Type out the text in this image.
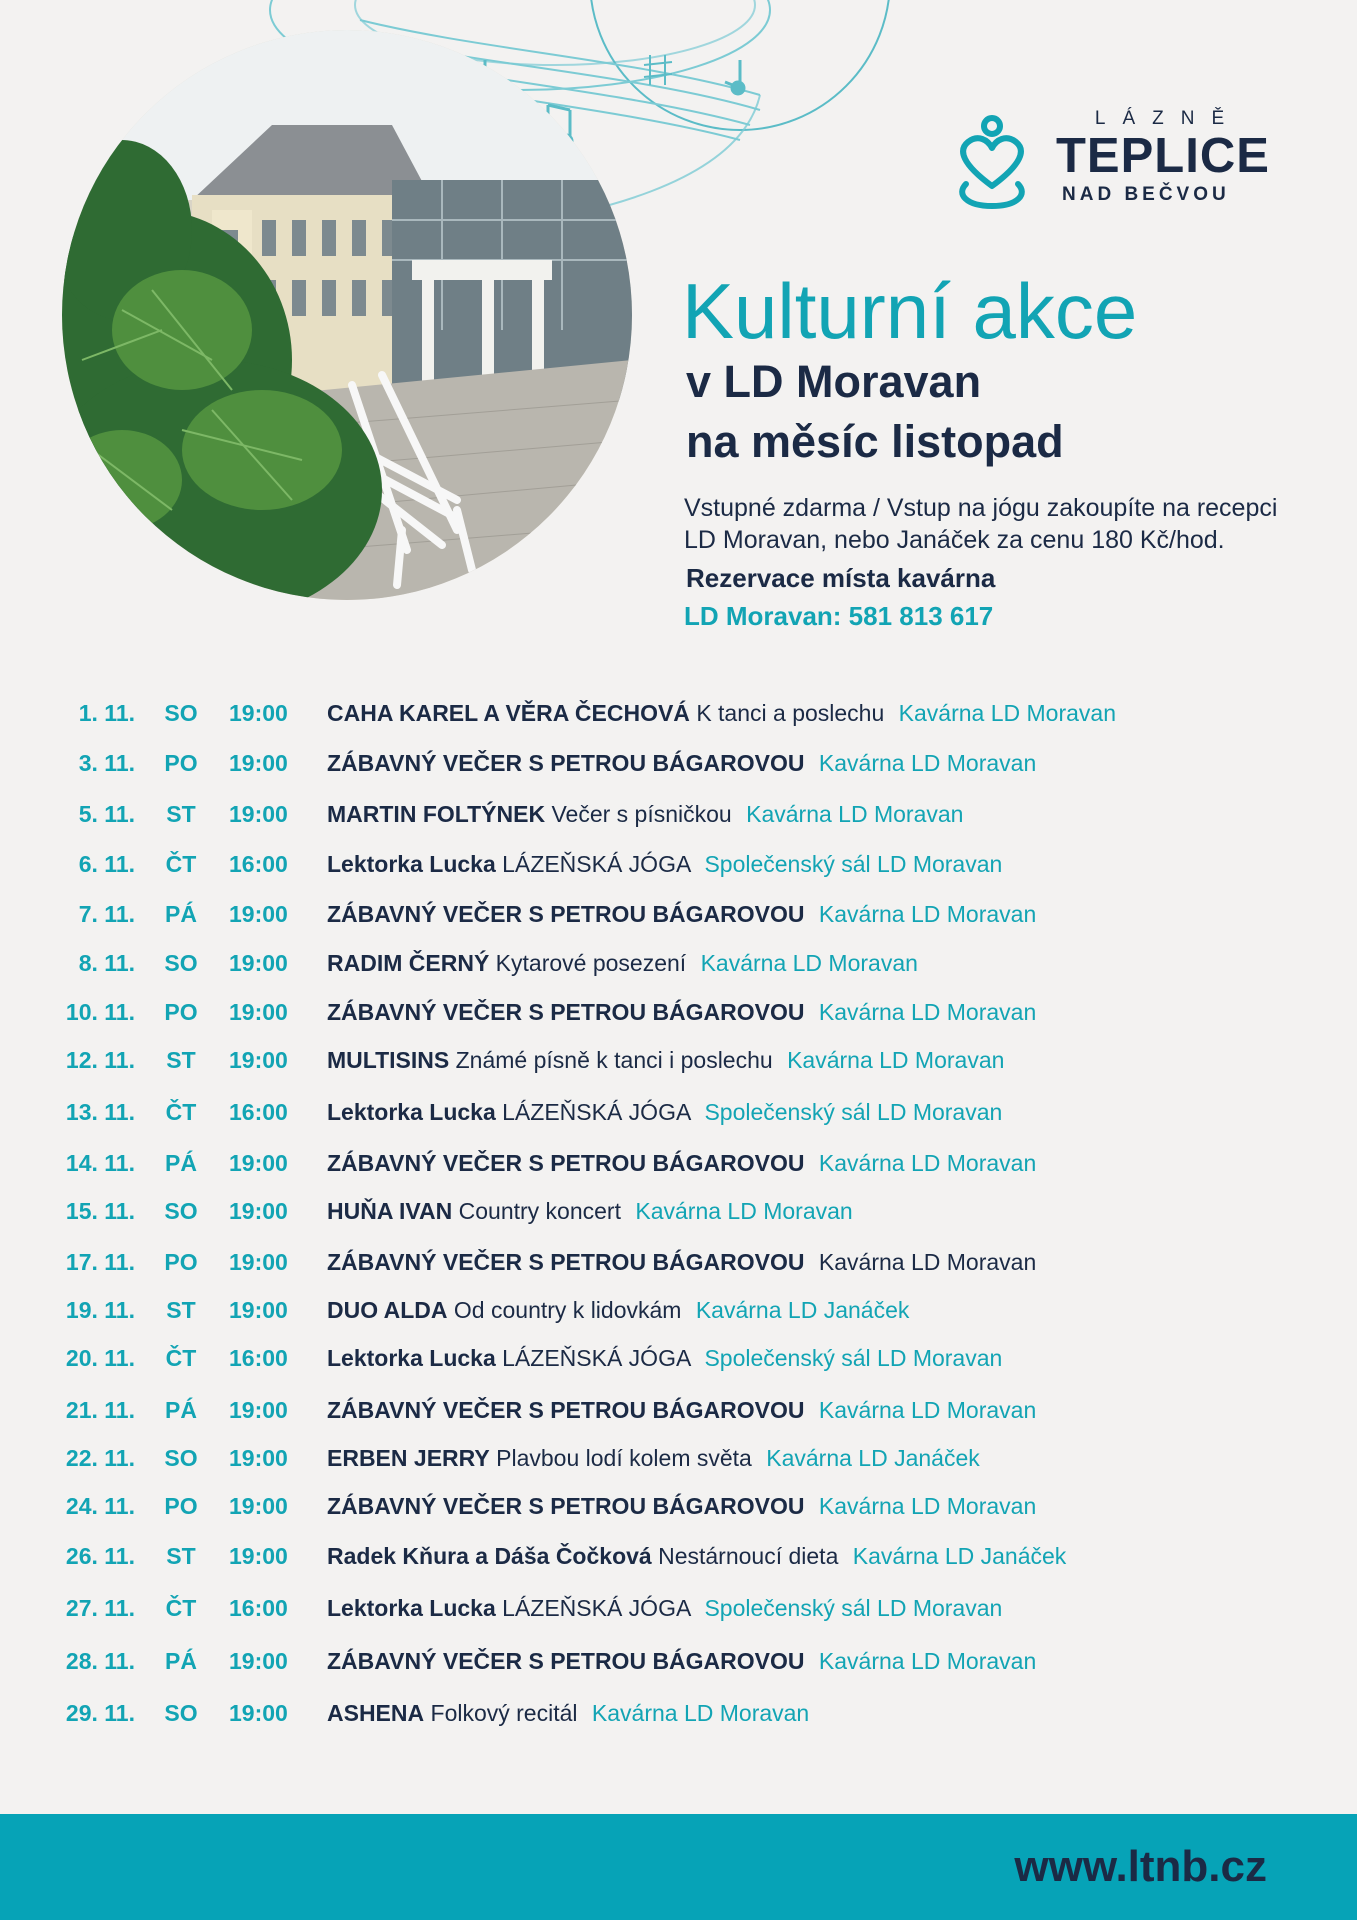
LÁZNĚ
TEPLICE
NAD BEČVOU
Kulturní akce
v LD Moravan
na měsíc listopad
Vstupné zdarma / Vstup na jógu zakoupíte na recepci
LD Moravan, nebo Janáček za cenu 180 Kč/hod.
Rezervace místa kavárna
LD Moravan: 581 813 617
1. 11. SO 19:00 CAHA KAREL A VĚRA ČECHOVÁ K tanci a poslechu Kavárna LD Moravan
3. 11. PO 19:00 ZÁBAVNÝ VEČER S PETROU BÁGAROVOU Kavárna LD Moravan
5. 11. ST 19:00 MARTIN FOLTÝNEK Večer s písničkou Kavárna LD Moravan
6. 11. ČT 16:00 Lektorka Lucka LÁZEŇSKÁ JÓGA Společenský sál LD Moravan
7. 11. PÁ 19:00 ZÁBAVNÝ VEČER S PETROU BÁGAROVOU Kavárna LD Moravan
8. 11. SO 19:00 RADIM ČERNÝ Kytarové posezení Kavárna LD Moravan
10. 11. PO 19:00 ZÁBAVNÝ VEČER S PETROU BÁGAROVOU Kavárna LD Moravan
12. 11. ST 19:00 MULTISINS Známé písně k tanci i poslechu Kavárna LD Moravan
13. 11. ČT 16:00 Lektorka Lucka LÁZEŇSKÁ JÓGA Společenský sál LD Moravan
14. 11. PÁ 19:00 ZÁBAVNÝ VEČER S PETROU BÁGAROVOU Kavárna LD Moravan
15. 11. SO 19:00 HUŇA IVAN Country koncert Kavárna LD Moravan
17. 11. PO 19:00 ZÁBAVNÝ VEČER S PETROU BÁGAROVOU Kavárna LD Moravan
19. 11. ST 19:00 DUO ALDA Od country k lidovkám Kavárna LD Janáček
20. 11. ČT 16:00 Lektorka Lucka LÁZEŇSKÁ JÓGA Společenský sál LD Moravan
21. 11. PÁ 19:00 ZÁBAVNÝ VEČER S PETROU BÁGAROVOU Kavárna LD Moravan
22. 11. SO 19:00 ERBEN JERRY Plavbou lodí kolem světa Kavárna LD Janáček
24. 11. PO 19:00 ZÁBAVNÝ VEČER S PETROU BÁGAROVOU Kavárna LD Moravan
26. 11. ST 19:00 Radek Kňura a Dáša Čočková Nestárnoucí dieta Kavárna LD Janáček
27. 11. ČT 16:00 Lektorka Lucka LÁZEŇSKÁ JÓGA Společenský sál LD Moravan
28. 11. PÁ 19:00 ZÁBAVNÝ VEČER S PETROU BÁGAROVOU Kavárna LD Moravan
29. 11. SO 19:00 ASHENA Folkový recitál Kavárna LD Moravan
www.ltnb.cz
